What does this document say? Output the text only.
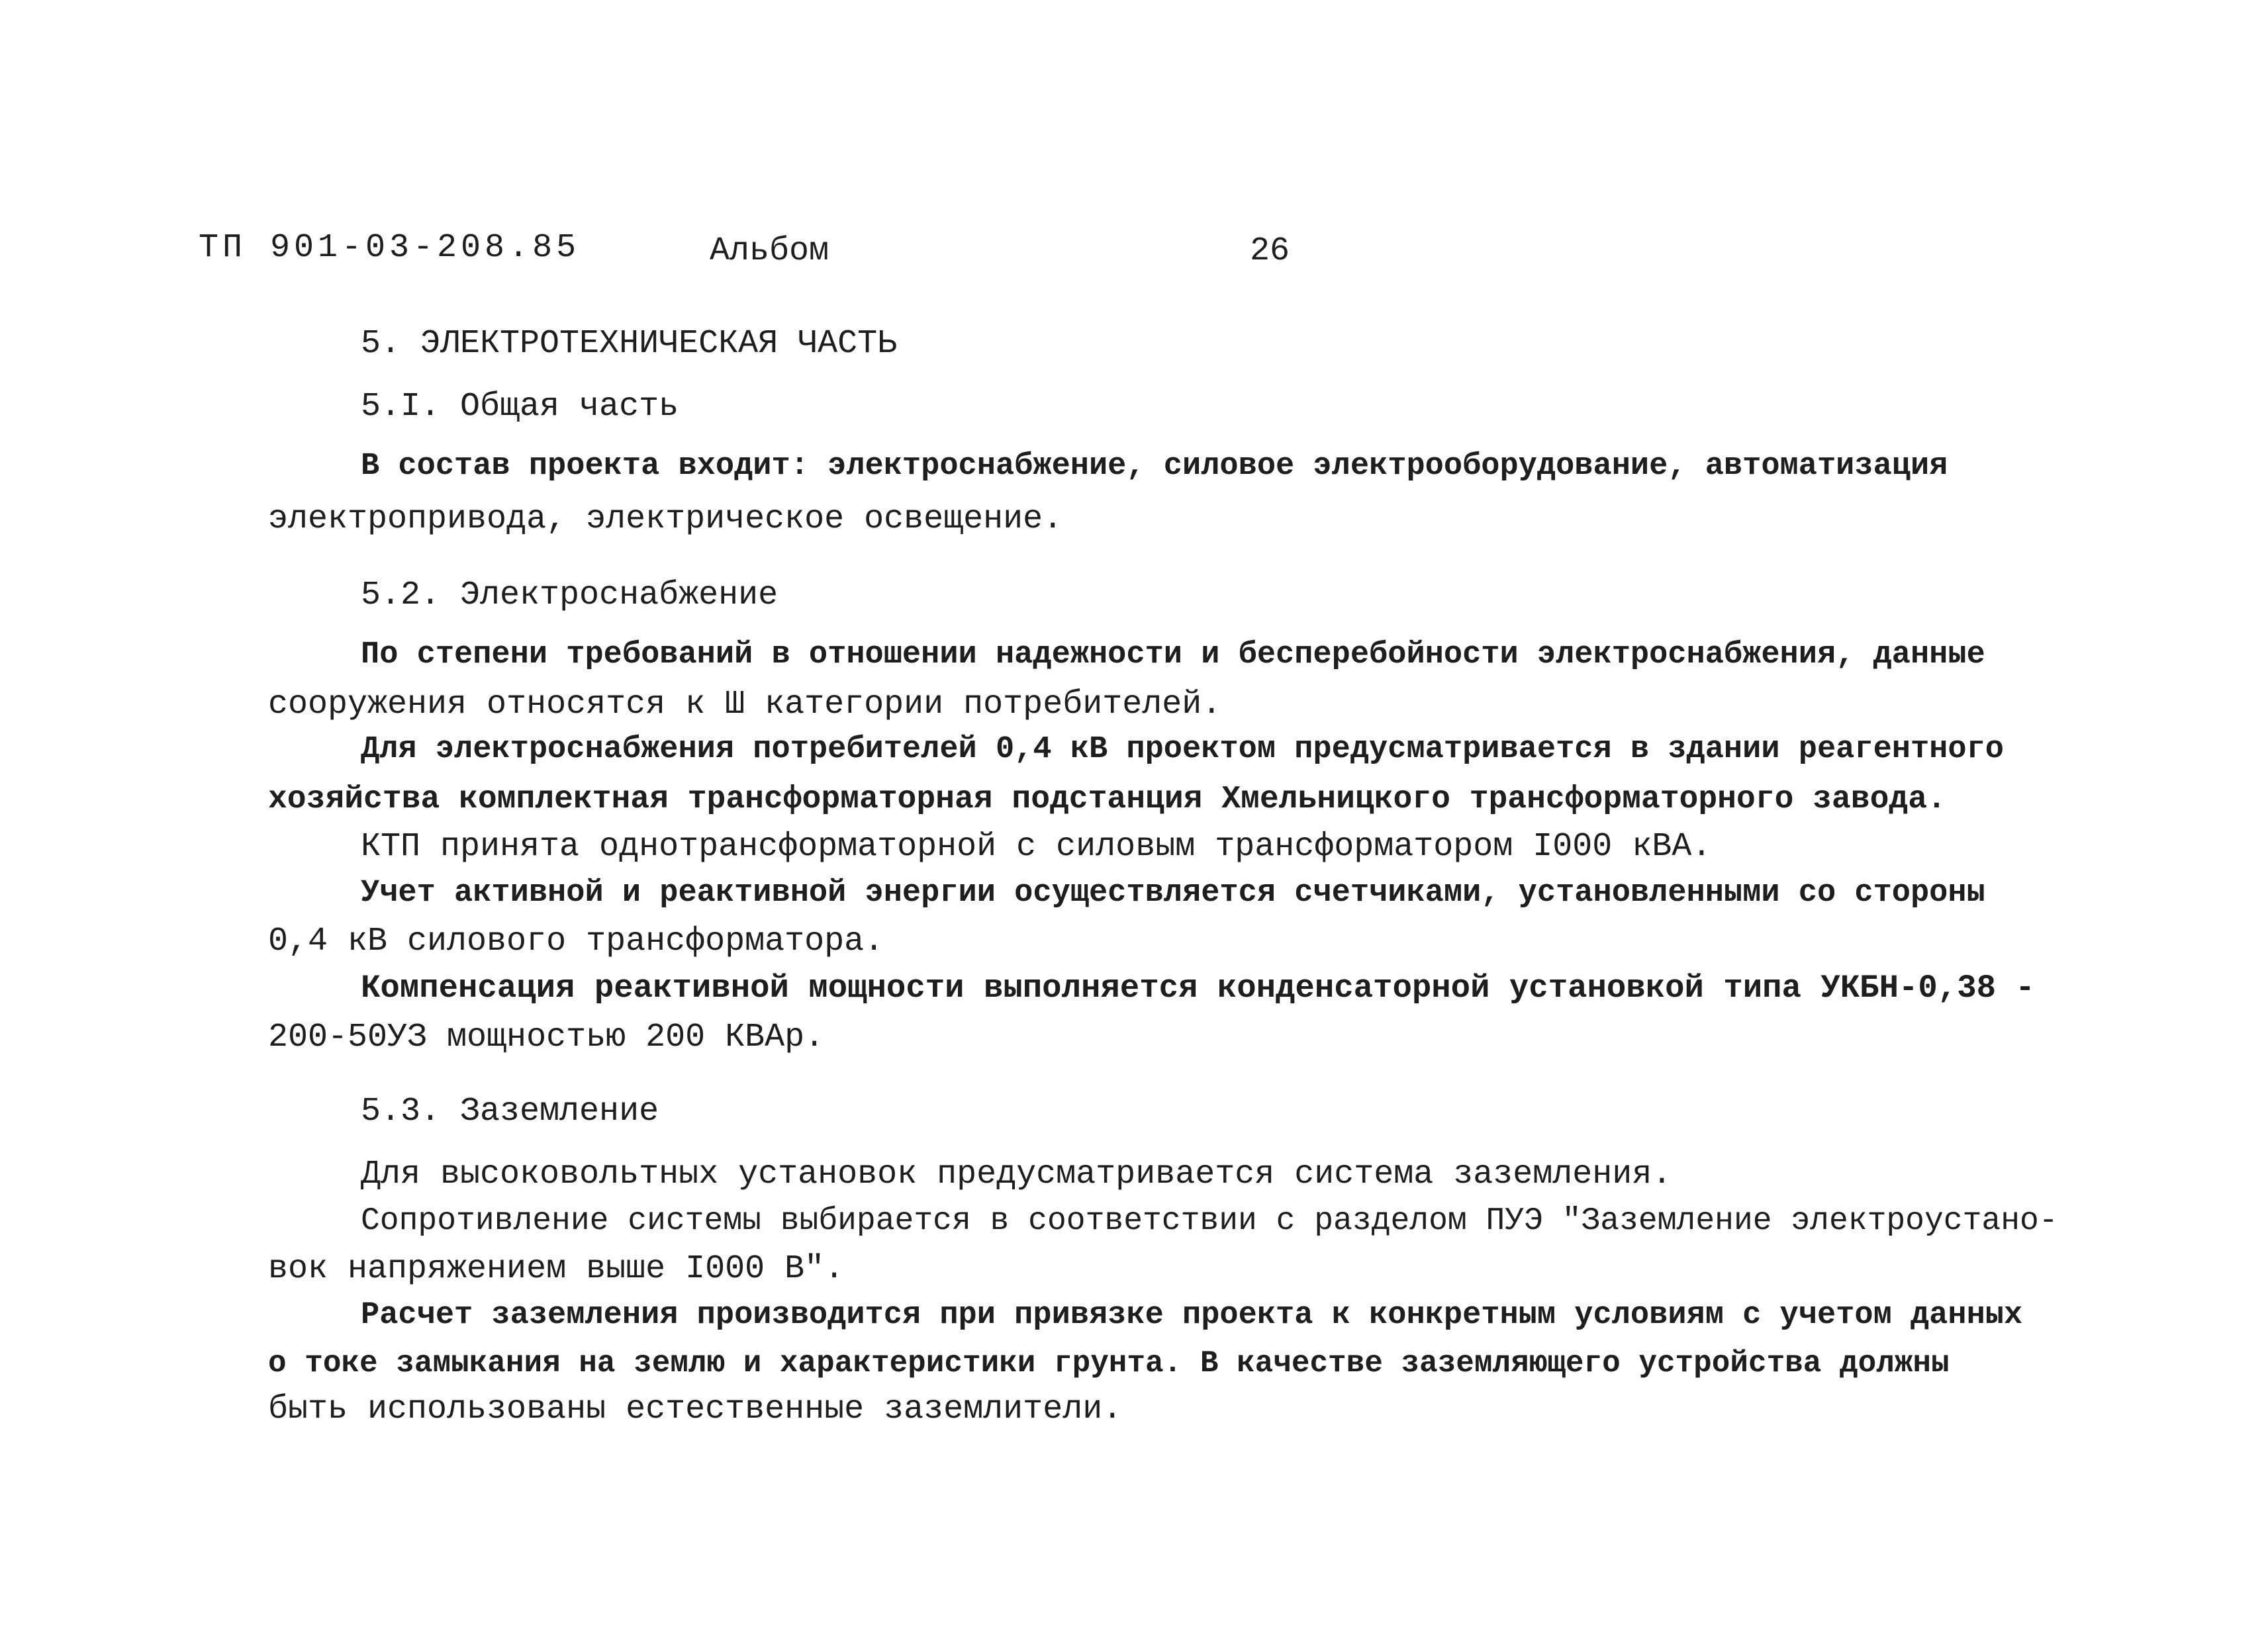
ТП 901-03-208.85	Альбом	26
5. ЭЛЕКТРОТЕХНИЧЕСКАЯ ЧАСТЬ
5.I. Общая часть
В состав проекта входит: электроснабжение, силовое электрооборудование, автоматизация
электропривода, электрическое освещение.
5.2. Электроснабжение
По степени требований в отношении надежности и бесперебойности электроснабжения, данные
сооружения относятся к Ш категории потребителей.
Для электроснабжения потребителей 0,4 кВ проектом предусматривается в здании реагентного
хозяйства комплектная трансформаторная подстанция Хмельницкого трансформаторного завода.
КТП принята однотрансформаторной с силовым трансформатором I000 кВА.
Учет активной и реактивной энергии осуществляется счетчиками, установленными со стороны
0,4 кВ силового трансформатора.
Компенсация реактивной мощности выполняется конденсаторной установкой типа УКБН-0,38 -
200-50УЗ мощностью 200 КВАр.
5.3. Заземление
Для высоковольтных установок предусматривается система заземления.
Сопротивление системы выбирается в соответствии с разделом ПУЭ "Заземление электроустано-
вок напряжением выше I000 В".
Расчет заземления производится при привязке проекта к конкретным условиям с учетом данных
о токе замыкания на землю и характеристики грунта. В качестве заземляющего устройства должны
быть использованы естественные заземлители.
